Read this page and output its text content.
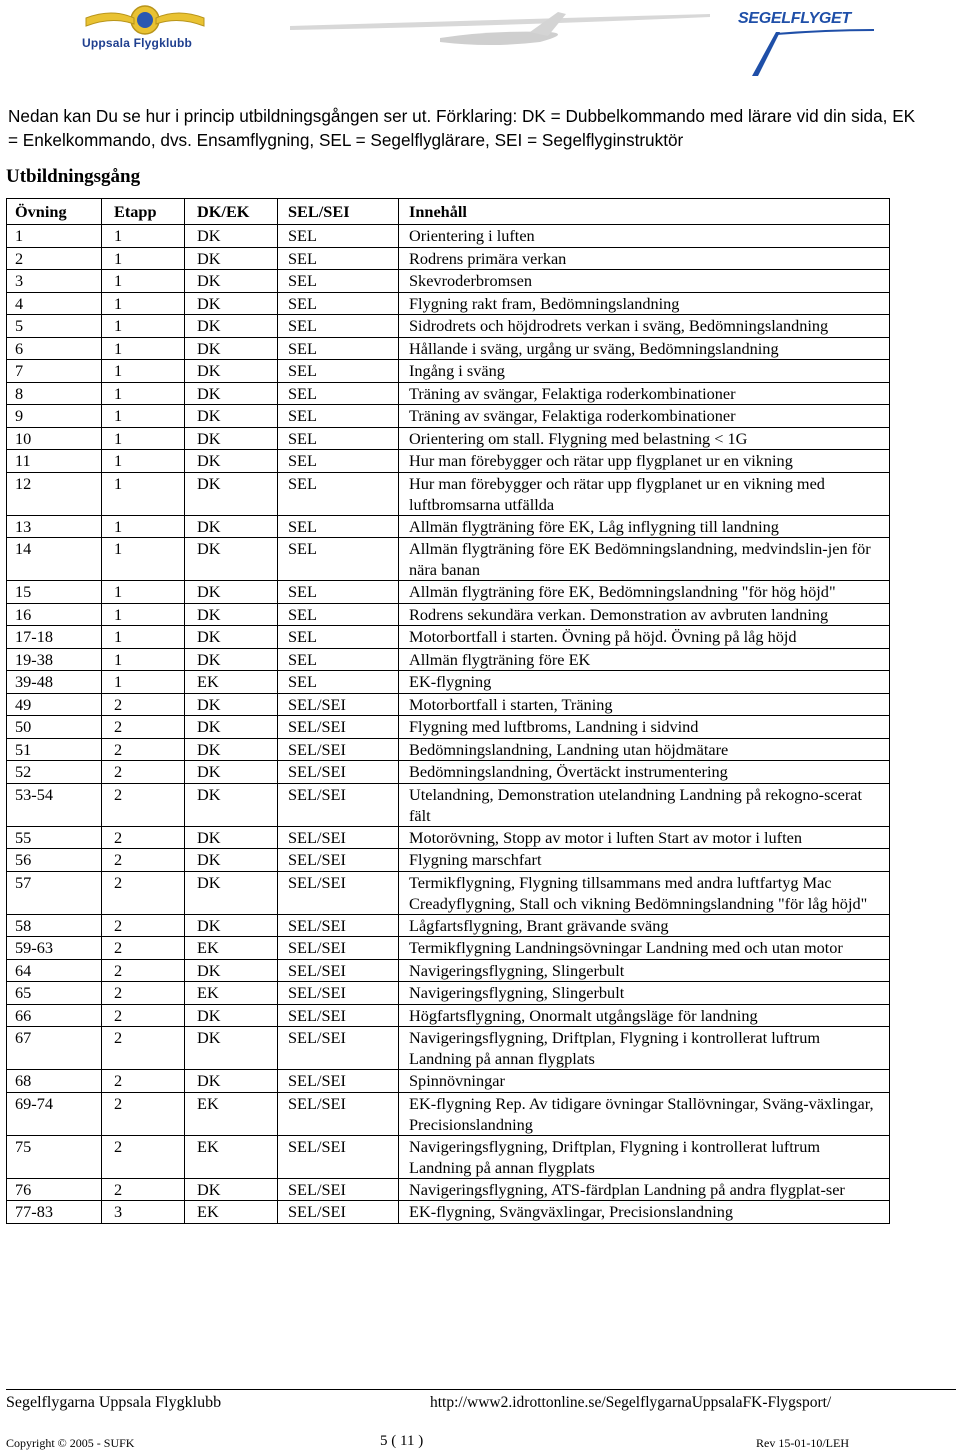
Uppsala Flygklubb
SEGELFLYGET
Nedan kan Du se hur i princip utbildningsgången ser ut. Förklaring: DK = Dubbelkommando med lärare vid din sida, EK = Enkelkommando, dvs. Ensamflygning, SEL = Segelflyglärare, SEI = Segelflyginstruktör
Utbildningsgång
Övning	Etapp	DK/EK	SEL/SEI	Innehåll
1	1	DK	SEL	Orientering i luften
2	1	DK	SEL	Rodrens primära verkan
3	1	DK	SEL	Skevroderbromsen
4	1	DK	SEL	Flygning rakt fram, Bedömningslandning
5	1	DK	SEL	Sidrodrets och höjdrodrets verkan i sväng, Bedömningslandning
6	1	DK	SEL	Hållande i sväng, urgång ur sväng, Bedömningslandning
7	1	DK	SEL	Ingång i sväng
8	1	DK	SEL	Träning av svängar, Felaktiga roderkombinationer
9	1	DK	SEL	Träning av svängar, Felaktiga roderkombinationer
10	1	DK	SEL	Orientering om stall. Flygning med belastning < 1G
11	1	DK	SEL	Hur man förebygger och rätar upp flygplanet ur en vikning
12	1	DK	SEL	Hur man förebygger och rätar upp flygplanet ur en vikning med luftbromsarna utfällda
13	1	DK	SEL	Allmän flygträning före EK, Låg inflygning till landning
14	1	DK	SEL	Allmän flygträning före EK Bedömningslandning, medvindslin-jen för nära banan
15	1	DK	SEL	Allmän flygträning före EK, Bedömningslandning "för hög höjd"
16	1	DK	SEL	Rodrens sekundära verkan. Demonstration av avbruten landning
17-18	1	DK	SEL	Motorbortfall i starten. Övning på höjd. Övning på låg höjd
19-38	1	DK	SEL	Allmän flygträning före EK
39-48	1	EK	SEL	EK-flygning
49	2	DK	SEL/SEI	Motorbortfall i starten, Träning
50	2	DK	SEL/SEI	Flygning med luftbroms, Landning i sidvind
51	2	DK	SEL/SEI	Bedömningslandning, Landning utan höjdmätare
52	2	DK	SEL/SEI	Bedömningslandning, Övertäckt instrumentering
53-54	2	DK	SEL/SEI	Utelandning, Demonstration utelandning Landning på rekogno-scerat fält
55	2	DK	SEL/SEI	Motorövning, Stopp av motor i luften Start av motor i luften
56	2	DK	SEL/SEI	Flygning marschfart
57	2	DK	SEL/SEI	Termikflygning, Flygning tillsammans med andra luftfartyg Mac Creadyflygning, Stall och vikning Bedömningslandning "för låg höjd"
58	2	DK	SEL/SEI	Lågfartsflygning, Brant grävande sväng
59-63	2	EK	SEL/SEI	Termikflygning Landningsövningar Landning med och utan motor
64	2	DK	SEL/SEI	Navigeringsflygning, Slingerbult
65	2	EK	SEL/SEI	Navigeringsflygning, Slingerbult
66	2	DK	SEL/SEI	Högfartsflygning, Onormalt utgångsläge för landning
67	2	DK	SEL/SEI	Navigeringsflygning, Driftplan, Flygning i kontrollerat luftrum Landning på annan flygplats
68	2	DK	SEL/SEI	Spinnövningar
69-74	2	EK	SEL/SEI	EK-flygning Rep. Av tidigare övningar Stallövningar, Sväng-växlingar, Precisionslandning
75	2	EK	SEL/SEI	Navigeringsflygning, Driftplan, Flygning i kontrollerat luftrum Landning på annan flygplats
76	2	DK	SEL/SEI	Navigeringsflygning, ATS-färdplan Landning på andra flygplat-ser
77-83	3	EK	SEL/SEI	EK-flygning, Svängväxlingar, Precisionslandning
Segelflygarna Uppsala Flygklubb	http://www2.idrottonline.se/SegelflygarnaUppsalaFK-Flygsport/
Copyright © 2005 - SUFK	5 ( 11 )	Rev 15-01-10/LEH
